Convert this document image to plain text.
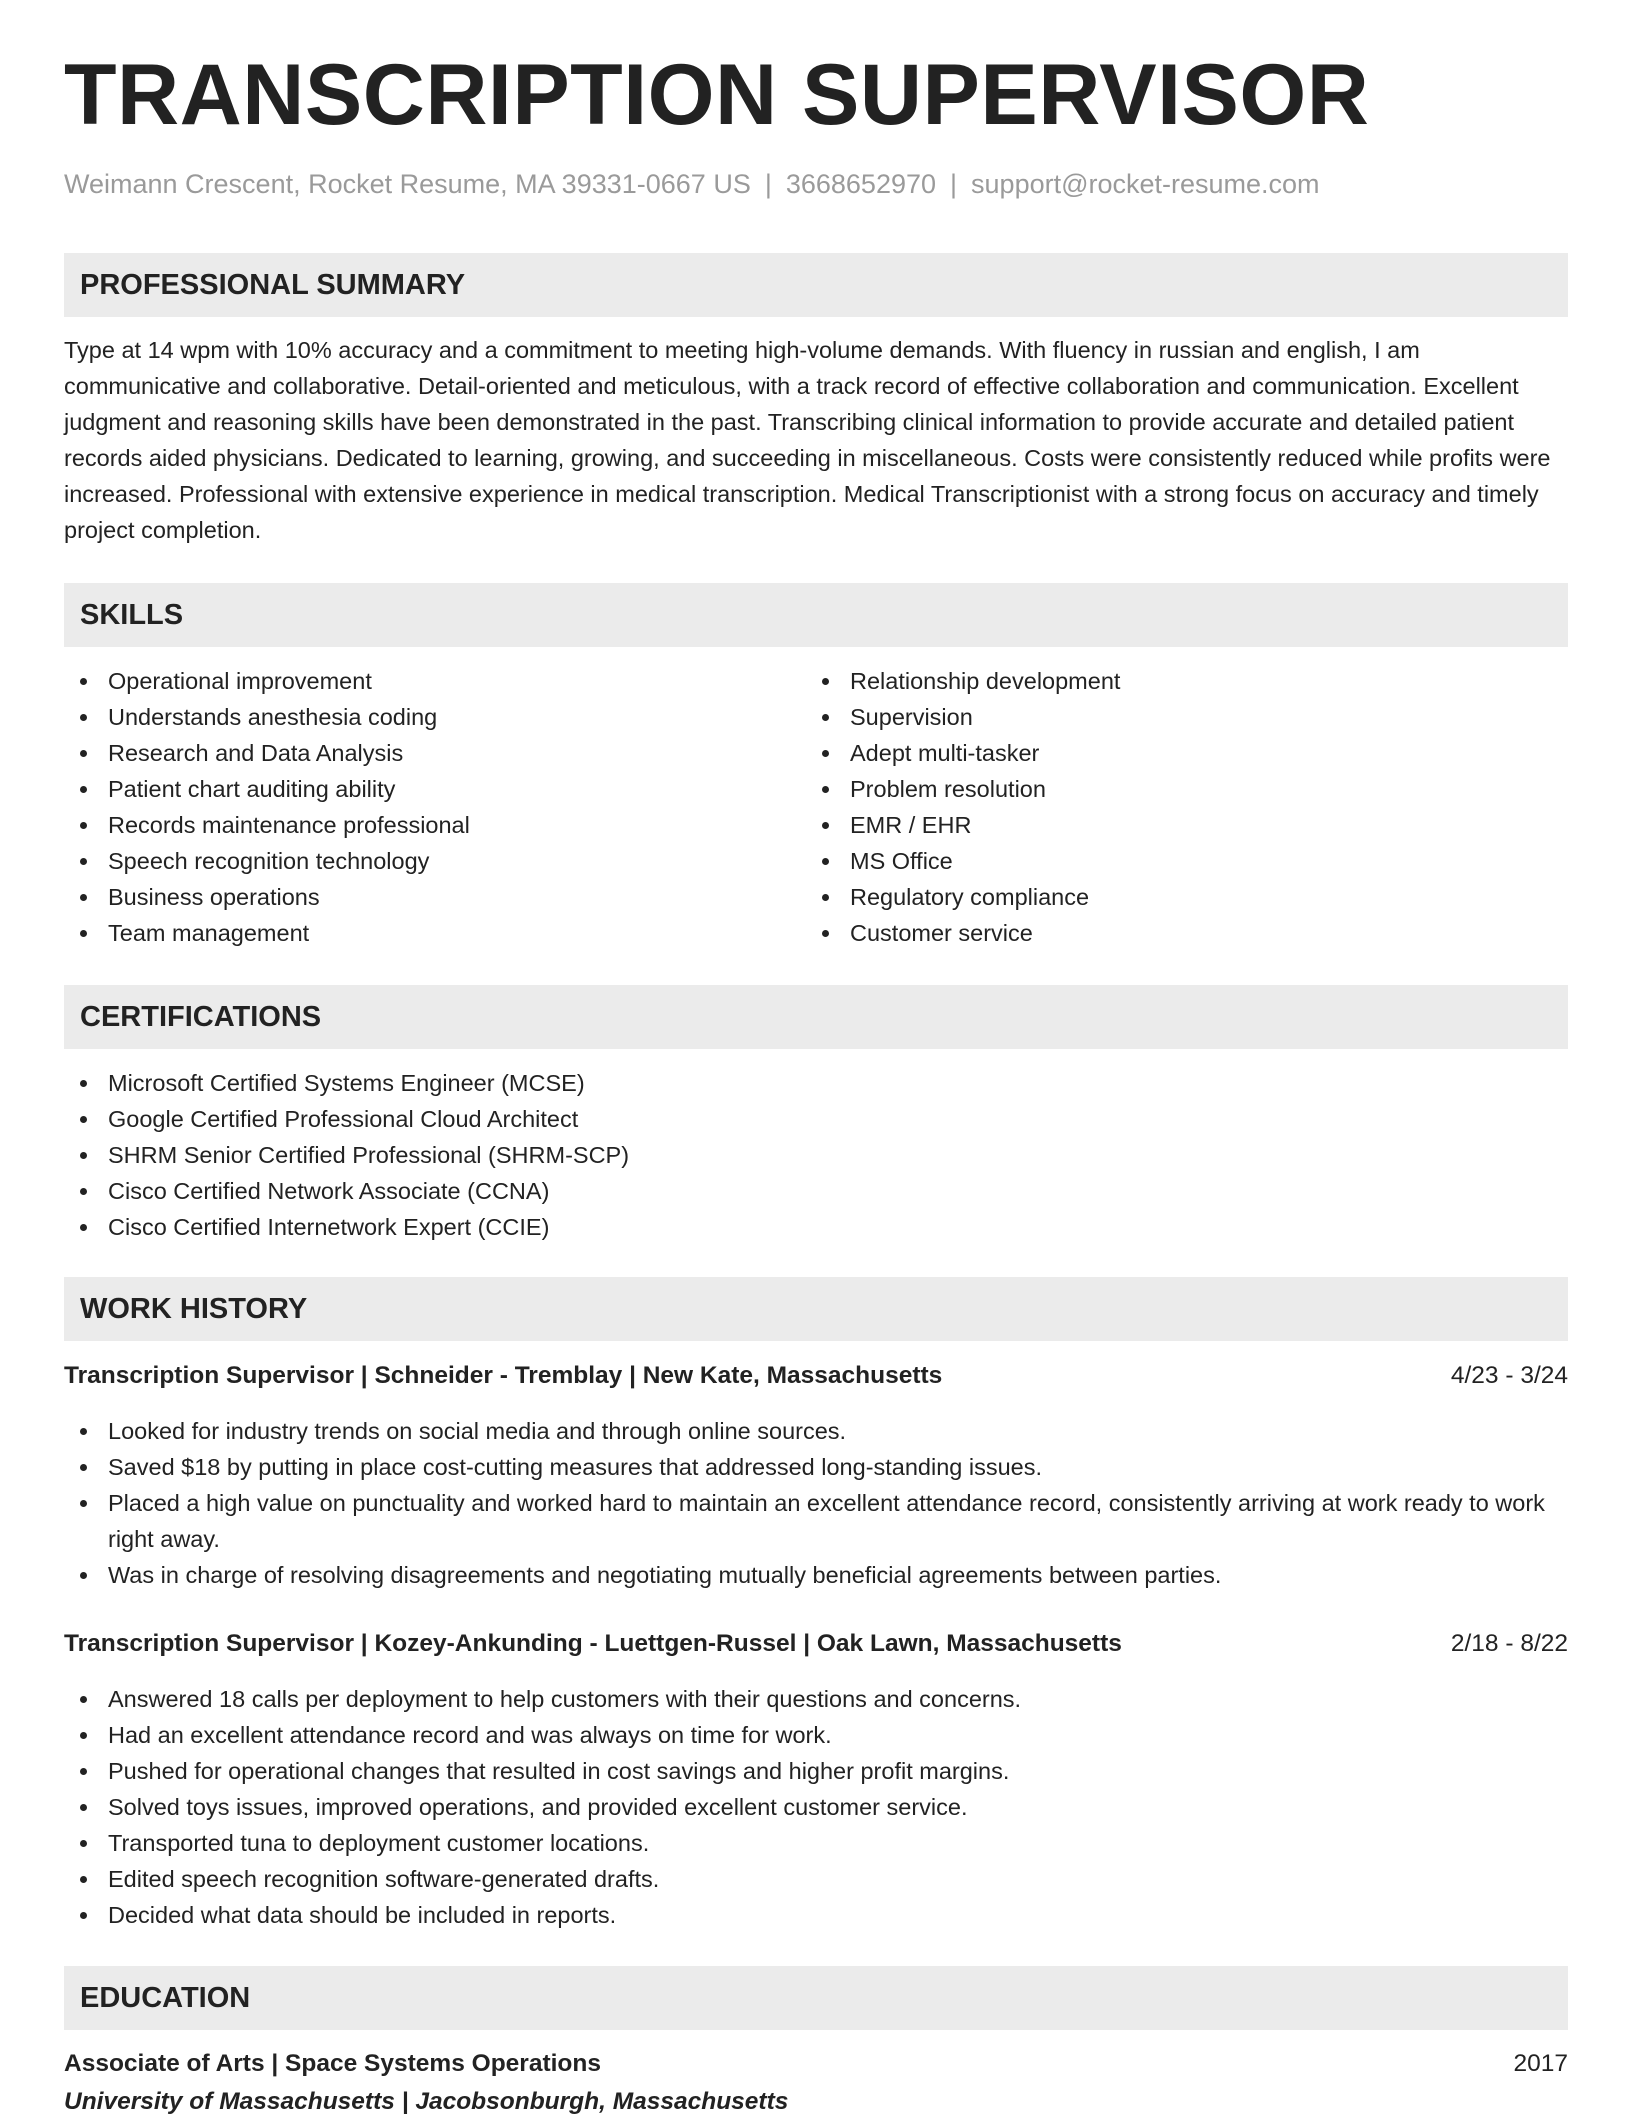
TRANSCRIPTION SUPERVISOR
Weimann Crescent, Rocket Resume, MA 39331-0667 US | 3668652970 | support@rocket-resume.com
PROFESSIONAL SUMMARY

Type at 14 wpm with 10% accuracy and a commitment to meeting high-volume demands. With fluency in russian and english, I am communicative and collaborative. Detail-oriented and meticulous, with a track record of effective collaboration and communication. Excellent judgment and reasoning skills have been demonstrated in the past. Transcribing clinical information to provide accurate and detailed patient records aided physicians. Dedicated to learning, growing, and succeeding in miscellaneous. Costs were consistently reduced while profits were increased. Professional with extensive experience in medical transcription. Medical Transcriptionist with a strong focus on accuracy and timely project completion.

SKILLS
Operational improvement
Understands anesthesia coding
Research and Data Analysis
Patient chart auditing ability
Records maintenance professional
Speech recognition technology
Business operations
Team management
Relationship development
Supervision
Adept multi-tasker
Problem resolution
EMR / EHR
MS Office
Regulatory compliance
Customer service
CERTIFICATIONS
Microsoft Certified Systems Engineer (MCSE)
Google Certified Professional Cloud Architect
SHRM Senior Certified Professional (SHRM-SCP)
Cisco Certified Network Associate (CCNA)
Cisco Certified Internetwork Expert (CCIE)
WORK HISTORY
Transcription Supervisor | Schneider - Tremblay | New Kate, Massachusetts	4/23 - 3/24
Looked for industry trends on social media and through online sources.
Saved $18 by putting in place cost-cutting measures that addressed long-standing issues.
Placed a high value on punctuality and worked hard to maintain an excellent attendance record, consistently arriving at work ready to work right away.
Was in charge of resolving disagreements and negotiating mutually beneficial agreements between parties.
Transcription Supervisor | Kozey-Ankunding - Luettgen-Russel | Oak Lawn, Massachusetts	2/18 - 8/22
Answered 18 calls per deployment to help customers with their questions and concerns.
Had an excellent attendance record and was always on time for work.
Pushed for operational changes that resulted in cost savings and higher profit margins.
Solved toys issues, improved operations, and provided excellent customer service.
Transported tuna to deployment customer locations.
Edited speech recognition software-generated drafts.
Decided what data should be included in reports.
EDUCATION
Associate of Arts | Space Systems Operations	2017
University of Massachusetts | Jacobsonburgh, Massachusetts
